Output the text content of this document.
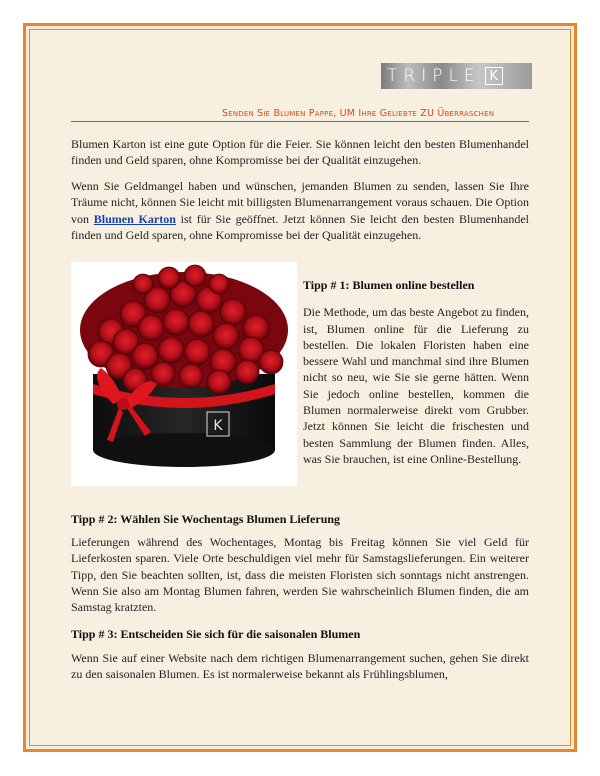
TRIPLE K
Senden Sie Blumen Pappe, UM Ihre Geliebte ZU Überraschen

Blumen Karton ist eine gute Option für die Feier. Sie können leicht den besten Blumenhandel finden und Geld sparen, ohne Kompromisse bei der Qualität einzugehen.

Wenn Sie Geldmangel haben und wünschen, jemanden Blumen zu senden, lassen Sie Ihre Träume nicht, können Sie leicht mit billigsten Blumenarrangement voraus schauen. Die Option von Blumen Karton ist für Sie geöffnet. Jetzt können Sie leicht den besten Blumenhandel finden und Geld sparen, ohne Kompromisse bei der Qualität einzugehen.

K
Tipp # 1: Blumen online bestellen
Die Methode, um das beste Angebot zu finden, ist, Blumen online für die Lieferung zu bestellen. Die lokalen Floristen haben eine bessere Wahl und manchmal sind ihre Blumen nicht so neu, wie Sie sie gerne hätten. Wenn Sie jedoch online bestellen, kommen die Blumen normalerweise direkt vom Grubber. Jetzt können Sie leicht die frischesten und besten Sammlung der Blumen finden. Alles, was Sie brauchen, ist eine Online-Bestellung.
Tipp # 2: Wählen Sie Wochentags Blumen Lieferung

Lieferungen während des Wochentages, Montag bis Freitag können Sie viel Geld für Lieferkosten sparen. Viele Orte beschuldigen viel mehr für Samstagslieferungen. Ein weiterer Tipp, den Sie beachten sollten, ist, dass die meisten Floristen sich sonntags nicht anstrengen. Wenn Sie also am Montag Blumen fahren, werden Sie wahrscheinlich Blumen finden, die am Samstag kratzten.

Tipp # 3: Entscheiden Sie sich für die saisonalen Blumen

Wenn Sie auf einer Website nach dem richtigen Blumenarrangement suchen, gehen Sie direkt zu den saisonalen Blumen. Es ist normalerweise bekannt als Frühlingsblumen,
